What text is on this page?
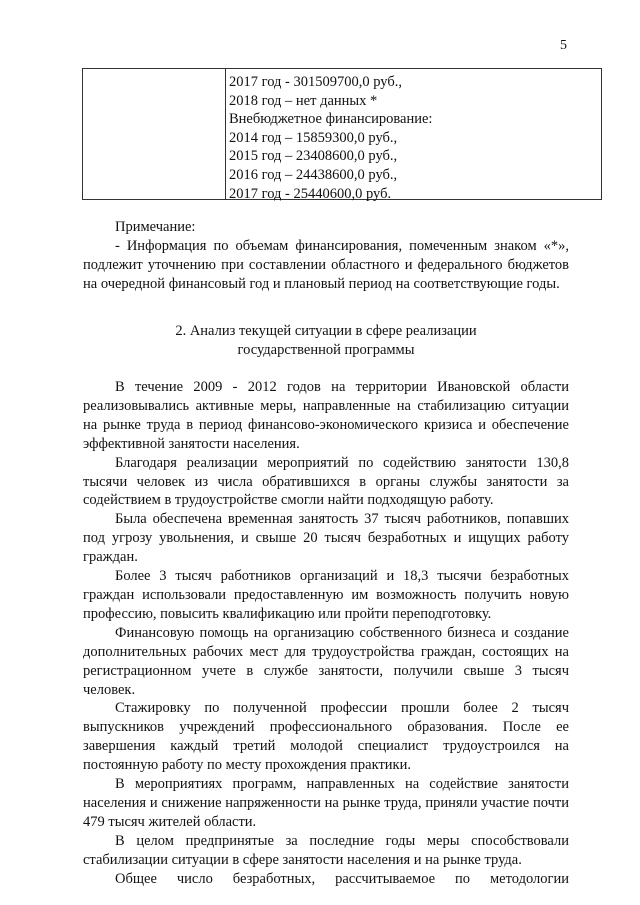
5
2017 год - 301509700,0 руб.,
2018 год – нет данных *
Внебюджетное финансирование:
2014 год – 15859300,0 руб.,
2015 год – 23408600,0 руб.,
2016 год – 24438600,0 руб.,
2017 год - 25440600,0 руб.

Примечание:

- Информация по объемам финансирования, помеченным знаком «*», подлежит уточнению при составлении областного и федерального бюджетов на очередной финансовый год и плановый период на соответствующие годы.

2. Анализ текущей ситуации в сфере реализации
государственной программы

В течение 2009 - 2012 годов на территории Ивановской области реализовывались активные меры, направленные на стабилизацию ситуации на рынке труда в период финансово-экономического кризиса и обеспечение эффективной занятости населения.

Благодаря реализации мероприятий по содействию занятости 130,8 тысячи человек из числа обратившихся в органы службы занятости за содействием в трудоустройстве смогли найти подходящую работу.

Была обеспечена временная занятость 37 тысяч работников, попавших под угрозу увольнения, и свыше 20 тысяч безработных и ищущих работу граждан.

Более 3 тысяч работников организаций и 18,3 тысячи безработных граждан использовали предоставленную им возможность получить новую профессию, повысить квалификацию или пройти переподготовку.

Финансовую помощь на организацию собственного бизнеса и создание дополнительных рабочих мест для трудоустройства граждан, состоящих на регистрационном учете в службе занятости, получили свыше 3 тысяч человек.

Стажировку по полученной профессии прошли более 2 тысяч выпускников учреждений профессионального образования. После ее завершения каждый третий молодой специалист трудоустроился на постоянную работу по месту прохождения практики.

В мероприятиях программ, направленных на содействие занятости населения и снижение напряженности на рынке труда, приняли участие почти 479 тысяч жителей области.

В целом предпринятые за последние годы меры способствовали стабилизации ситуации в сфере занятости населения и на рынке труда.

Общее число безработных, рассчитываемое по методологии
